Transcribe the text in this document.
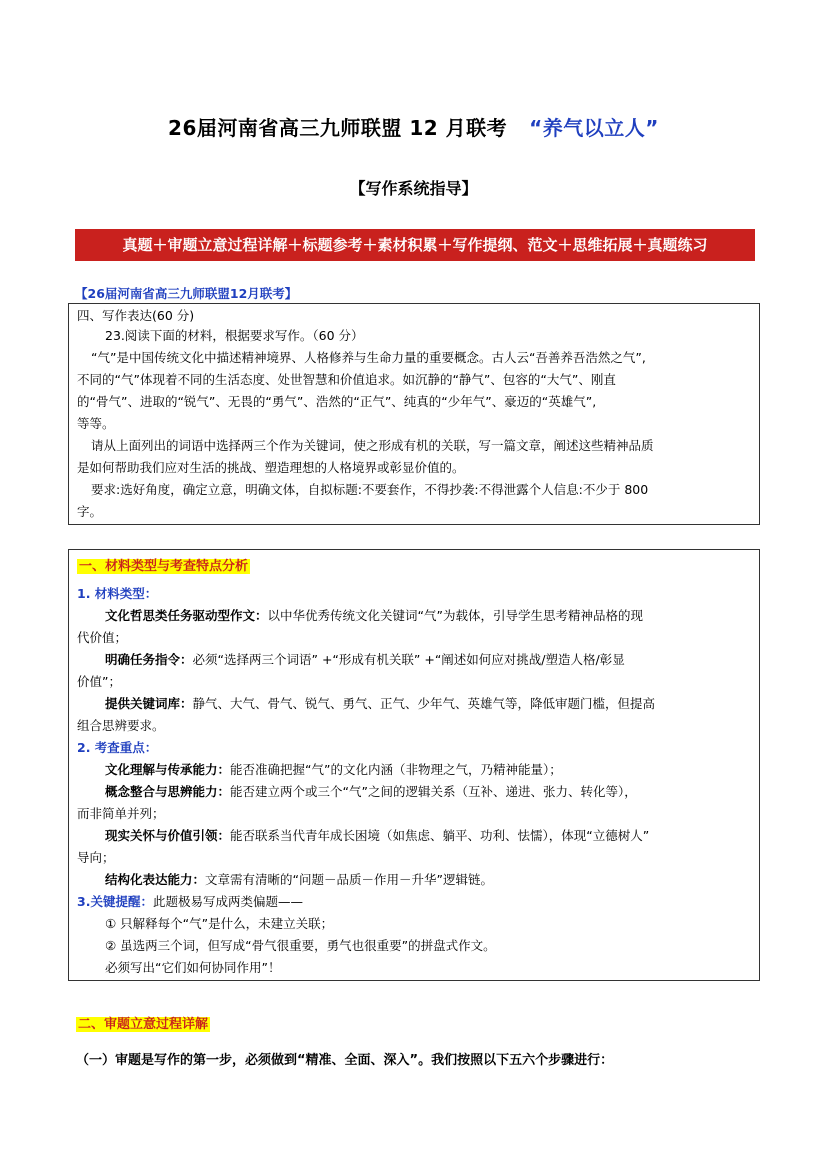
26届河南省高三九师联盟 12 月联考 “养气以立人”
【写作系统指导】
真题＋审题立意过程详解＋标题参考＋素材积累＋写作提纲、范文＋思维拓展＋真题练习
【26届河南省高三九师联盟12月联考】
四、写作表达(60 分)
23.阅读下面的材料，根据要求写作。（60 分）
“气”是中国传统文化中描述精神境界、人格修养与生命力量的重要概念。古人云“吾善养吾浩然之气”,
不同的“气”体现着不同的生活态度、处世智慧和价值追求。如沉静的“静气”、包容的“大气”、刚直
的“骨气”、进取的“锐气”、无畏的“勇气”、浩然的“正气”、纯真的“少年气”、豪迈的“英雄气”,
等等。
请从上面列出的词语中选择两三个作为关键词，使之形成有机的关联，写一篇文章，阐述这些精神品质
是如何帮助我们应对生活的挑战、塑造理想的人格境界或彰显价值的。
要求:选好角度，确定立意，明确文体，自拟标题:不要套作，不得抄袭:不得泄露个人信息:不少于 800
字。
一、材料类型与考查特点分析
1. 材料类型：
文化哲思类任务驱动型作文：以中华优秀传统文化关键词“气”为载体，引导学生思考精神品格的现
代价值；
明确任务指令：必须“选择两三个词语” +“形成有机关联” +“阐述如何应对挑战/塑造人格/彰显
价值”；
提供关键词库：静气、大气、骨气、锐气、勇气、正气、少年气、英雄气等，降低审题门槛，但提高
组合思辨要求。
2. 考查重点：
文化理解与传承能力：能否准确把握“气”的文化内涵（非物理之气，乃精神能量）；
概念整合与思辨能力：能否建立两个或三个“气”之间的逻辑关系（互补、递进、张力、转化等），
而非简单并列；
现实关怀与价值引领：能否联系当代青年成长困境（如焦虑、躺平、功利、怯懦），体现“立德树人”
导向；
结构化表达能力：文章需有清晰的“问题－品质－作用－升华”逻辑链。
3.关键提醒：此题极易写成两类偏题——
① 只解释每个“气”是什么，未建立关联；
② 虽选两三个词，但写成“骨气很重要，勇气也很重要”的拼盘式作文。
必须写出“它们如何协同作用”！
二、审题立意过程详解
（一）审题是写作的第一步，必须做到“精准、全面、深入”。我们按照以下五六个步骤进行：
